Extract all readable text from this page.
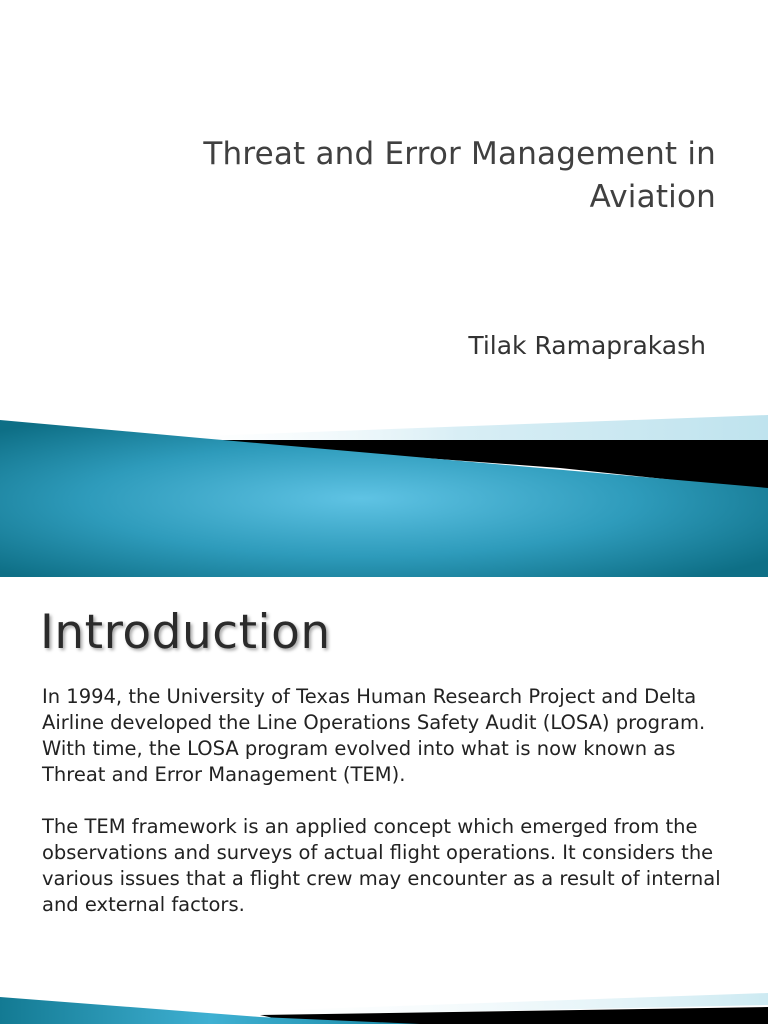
Threat and Error Management in
Aviation
Tilak Ramaprakash
Introduction

In 1994, the University of Texas Human Research Project and Delta Airline developed the Line Operations Safety Audit (LOSA) program. With time, the LOSA program evolved into what is now known as Threat and Error Management (TEM).

The TEM framework is an applied concept which emerged from the observations and surveys of actual flight operations. It considers the various issues that a flight crew may encounter as a result of internal and external factors.
